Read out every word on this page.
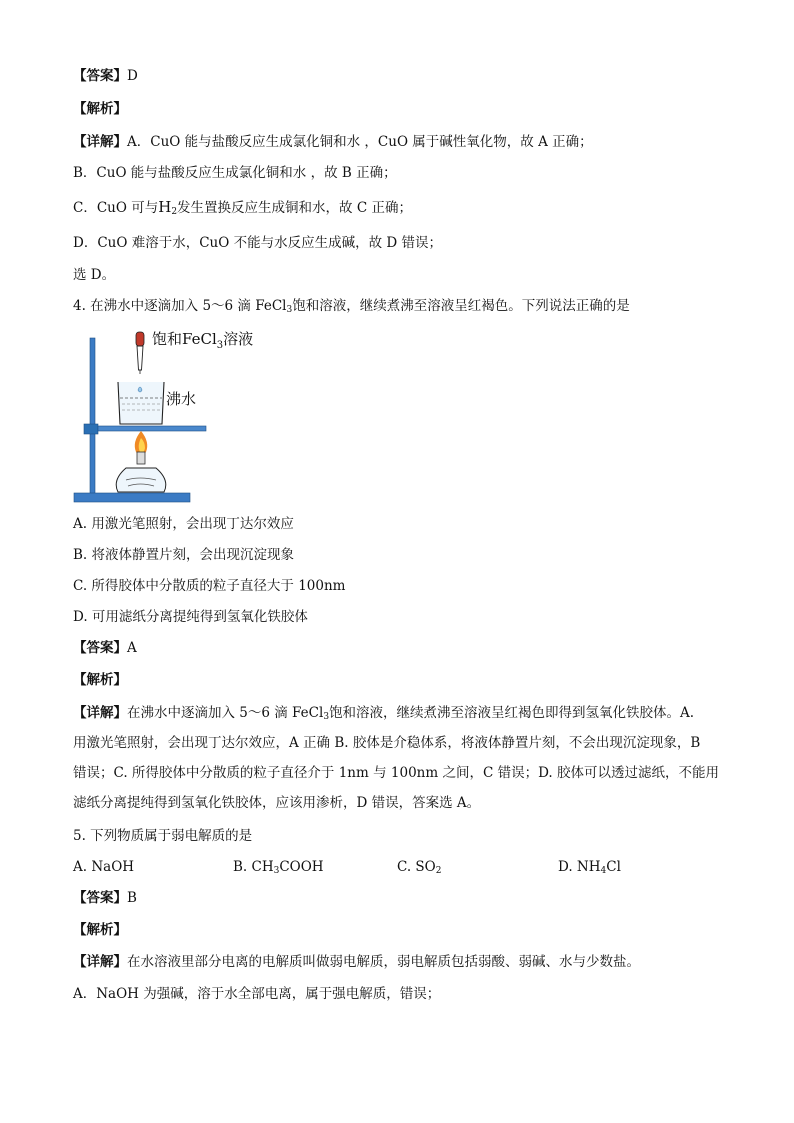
【答案】D
【解析】
【详解】A．CuO 能与盐酸反应生成氯化铜和水 ，CuO 属于碱性氧化物，故 A 正确；
B．CuO 能与盐酸反应生成氯化铜和水 ，故 B 正确；
C．CuO 可与$H_2$发生置换反应生成铜和水，故 C 正确；
D．CuO 难溶于水，CuO 不能与水反应生成碱，故 D 错误；
选 D。
4. 在沸水中逐滴加入 5～6 滴 FeCl$_3$饱和溶液，继续煮沸至溶液呈红褐色。下列说法正确的是
饱和FeCl$_3$溶液
沸水
A. 用激光笔照射，会出现丁达尔效应
B. 将液体静置片刻，会出现沉淀现象
C. 所得胶体中分散质的粒子直径大于 100nm
D. 可用滤纸分离提纯得到氢氧化铁胶体
【答案】A
【解析】
【详解】在沸水中逐滴加入 5～6 滴 FeCl$_3$饱和溶液，继续煮沸至溶液呈红褐色即得到氢氧化铁胶体。A.
用激光笔照射，会出现丁达尔效应，A 正确 B. 胶体是介稳体系，将液体静置片刻，不会出现沉淀现象，B
错误；C. 所得胶体中分散质的粒子直径介于 1nm 与 100nm 之间，C 错误；D. 胶体可以透过滤纸，不能用
滤纸分离提纯得到氢氧化铁胶体，应该用渗析，D 错误，答案选 A。
5. 下列物质属于弱电解质的是
A. NaOH	B. $CH_3COOH$	C. $SO_2$	D. $NH_4Cl$
【答案】B
【解析】
【详解】在水溶液里部分电离的电解质叫做弱电解质，弱电解质包括弱酸、弱碱、水与少数盐。
A．NaOH 为强碱，溶于水全部电离，属于强电解质，错误；
